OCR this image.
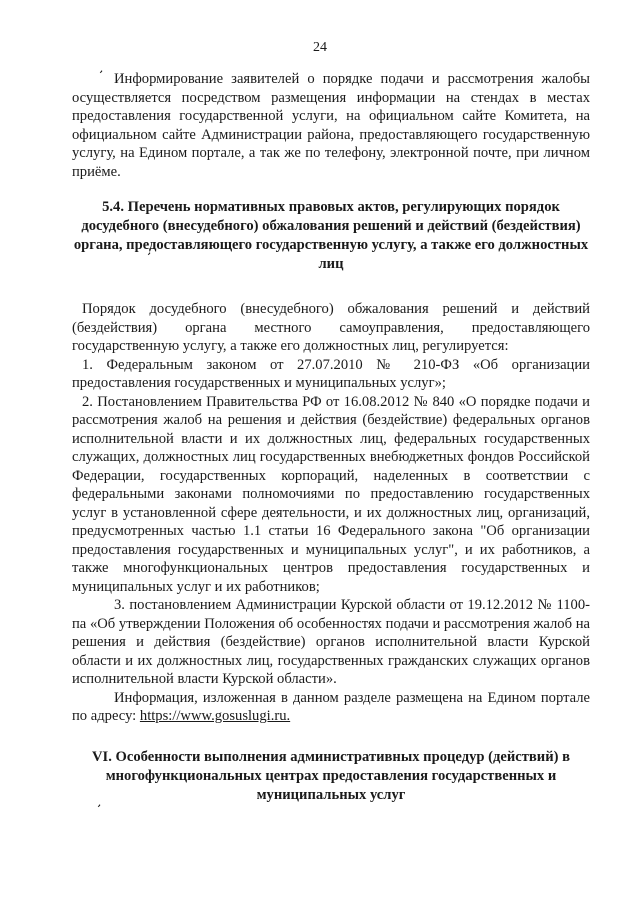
24

Информирование заявителей о порядке подачи и рассмотрения жалобы осуществляется посредством размещения информации на стендах в местах предоставления государственной услуги, на официальном сайте Комитета, на официальном сайте Администрации района, предоставляющего государственную услугу, на Едином портале, а так же по телефону, электронной почте, при личном приёме.

5.4. Перечень нормативных правовых актов, регулирующих порядок досудебного (внесудебного) обжалования решений и действий (бездействия) органа, предоставляющего государственную услугу, а также его должностных лиц

Порядок досудебного (внесудебного) обжалования решений и действий (бездействия) органа местного самоуправления, предоставляющего государственную услугу, а также его должностных лиц, регулируется:

1. Федеральным законом от 27.07.2010 № 210-ФЗ «Об организации предоставления государственных и муниципальных услуг»;

2. Постановлением Правительства РФ от 16.08.2012 № 840 «О порядке подачи и рассмотрения жалоб на решения и действия (бездействие) федеральных органов исполнительной власти и их должностных лиц, федеральных государственных служащих, должностных лиц государственных внебюджетных фондов Российской Федерации, государственных корпораций, наделенных в соответствии с федеральными законами полномочиями по предоставлению государственных услуг в установленной сфере деятельности, и их должностных лиц, организаций, предусмотренных частью 1.1 статьи 16 Федерального закона "Об организации предоставления государственных и муниципальных услуг", и их работников, а также многофункциональных центров предоставления государственных и муниципальных услуг и их работников;

3. постановлением Администрации Курской области от 19.12.2012 № 1100-па «Об утверждении Положения об особенностях подачи и рассмотрения жалоб на решения и действия (бездействие) органов исполнительной власти Курской области и их должностных лиц, государственных гражданских служащих органов исполнительной власти Курской области».

Информация, изложенная в данном разделе размещена на Едином портале по адресу: https://www.gosuslugi.ru.

VI. Особенности выполнения административных процедур (действий) в многофункциональных центрах предоставления государственных и муниципальных услуг
ʼ
ʼ
ʼ
